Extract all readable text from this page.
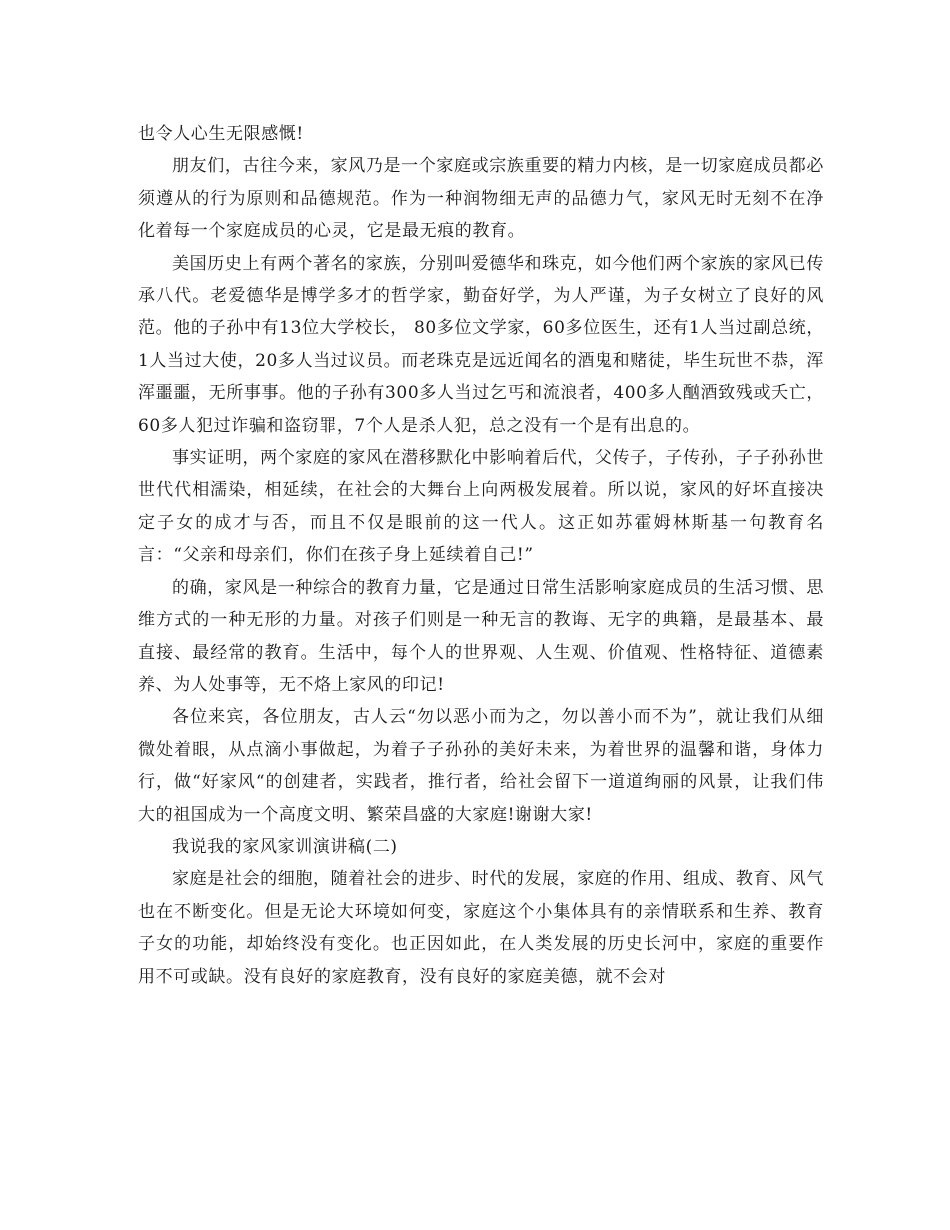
也令人心生无限感慨!

朋友们，古往今来，家风乃是一个家庭或宗族重要的精力内核，是一切家庭成员都必须遵从的行为原则和品德规范。作为一种润物细无声的品德力气，家风无时无刻不在净化着每一个家庭成员的心灵，它是最无痕的教育。

美国历史上有两个著名的家族，分别叫爱德华和珠克，如今他们两个家族的家风已传承八代。老爱德华是博学多才的哲学家，勤奋好学，为人严谨，为子女树立了良好的风范。他的子孙中有13位大学校长， 80多位文学家，60多位医生，还有1人当过副总统，1人当过大使，20多人当过议员。而老珠克是远近闻名的酒鬼和赌徒，毕生玩世不恭，浑浑噩噩，无所事事。他的子孙有300多人当过乞丐和流浪者，400多人酗酒致残或夭亡，60多人犯过诈骗和盗窃罪，7个人是杀人犯，总之没有一个是有出息的。

事实证明，两个家庭的家风在潜移默化中影响着后代，父传子，子传孙，子子孙孙世世代代相濡染，相延续，在社会的大舞台上向两极发展着。所以说，家风的好坏直接决定子女的成才与否，而且不仅是眼前的这一代人。这正如苏霍姆林斯基一句教育名言：“父亲和母亲们，你们在孩子身上延续着自己!”

的确，家风是一种综合的教育力量，它是通过日常生活影响家庭成员的生活习惯、思维方式的一种无形的力量。对孩子们则是一种无言的教诲、无字的典籍，是最基本、最直接、最经常的教育。生活中，每个人的世界观、人生观、价值观、性格特征、道德素养、为人处事等，无不烙上家风的印记!

各位来宾，各位朋友，古人云“勿以恶小而为之，勿以善小而不为”，就让我们从细微处着眼，从点滴小事做起，为着子子孙孙的美好未来，为着世界的温馨和谐，身体力行，做“好家风“的创建者，实践者，推行者，给社会留下一道道绚丽的风景，让我们伟大的祖国成为一个高度文明、繁荣昌盛的大家庭!谢谢大家!

我说我的家风家训演讲稿(二)

家庭是社会的细胞，随着社会的进步、时代的发展，家庭的作用、组成、教育、风气也在不断变化。但是无论大环境如何变，家庭这个小集体具有的亲情联系和生养、教育子女的功能，却始终没有变化。也正因如此，在人类发展的历史长河中，家庭的重要作用不可或缺。没有良好的家庭教育，没有良好的家庭美德，就不会对
